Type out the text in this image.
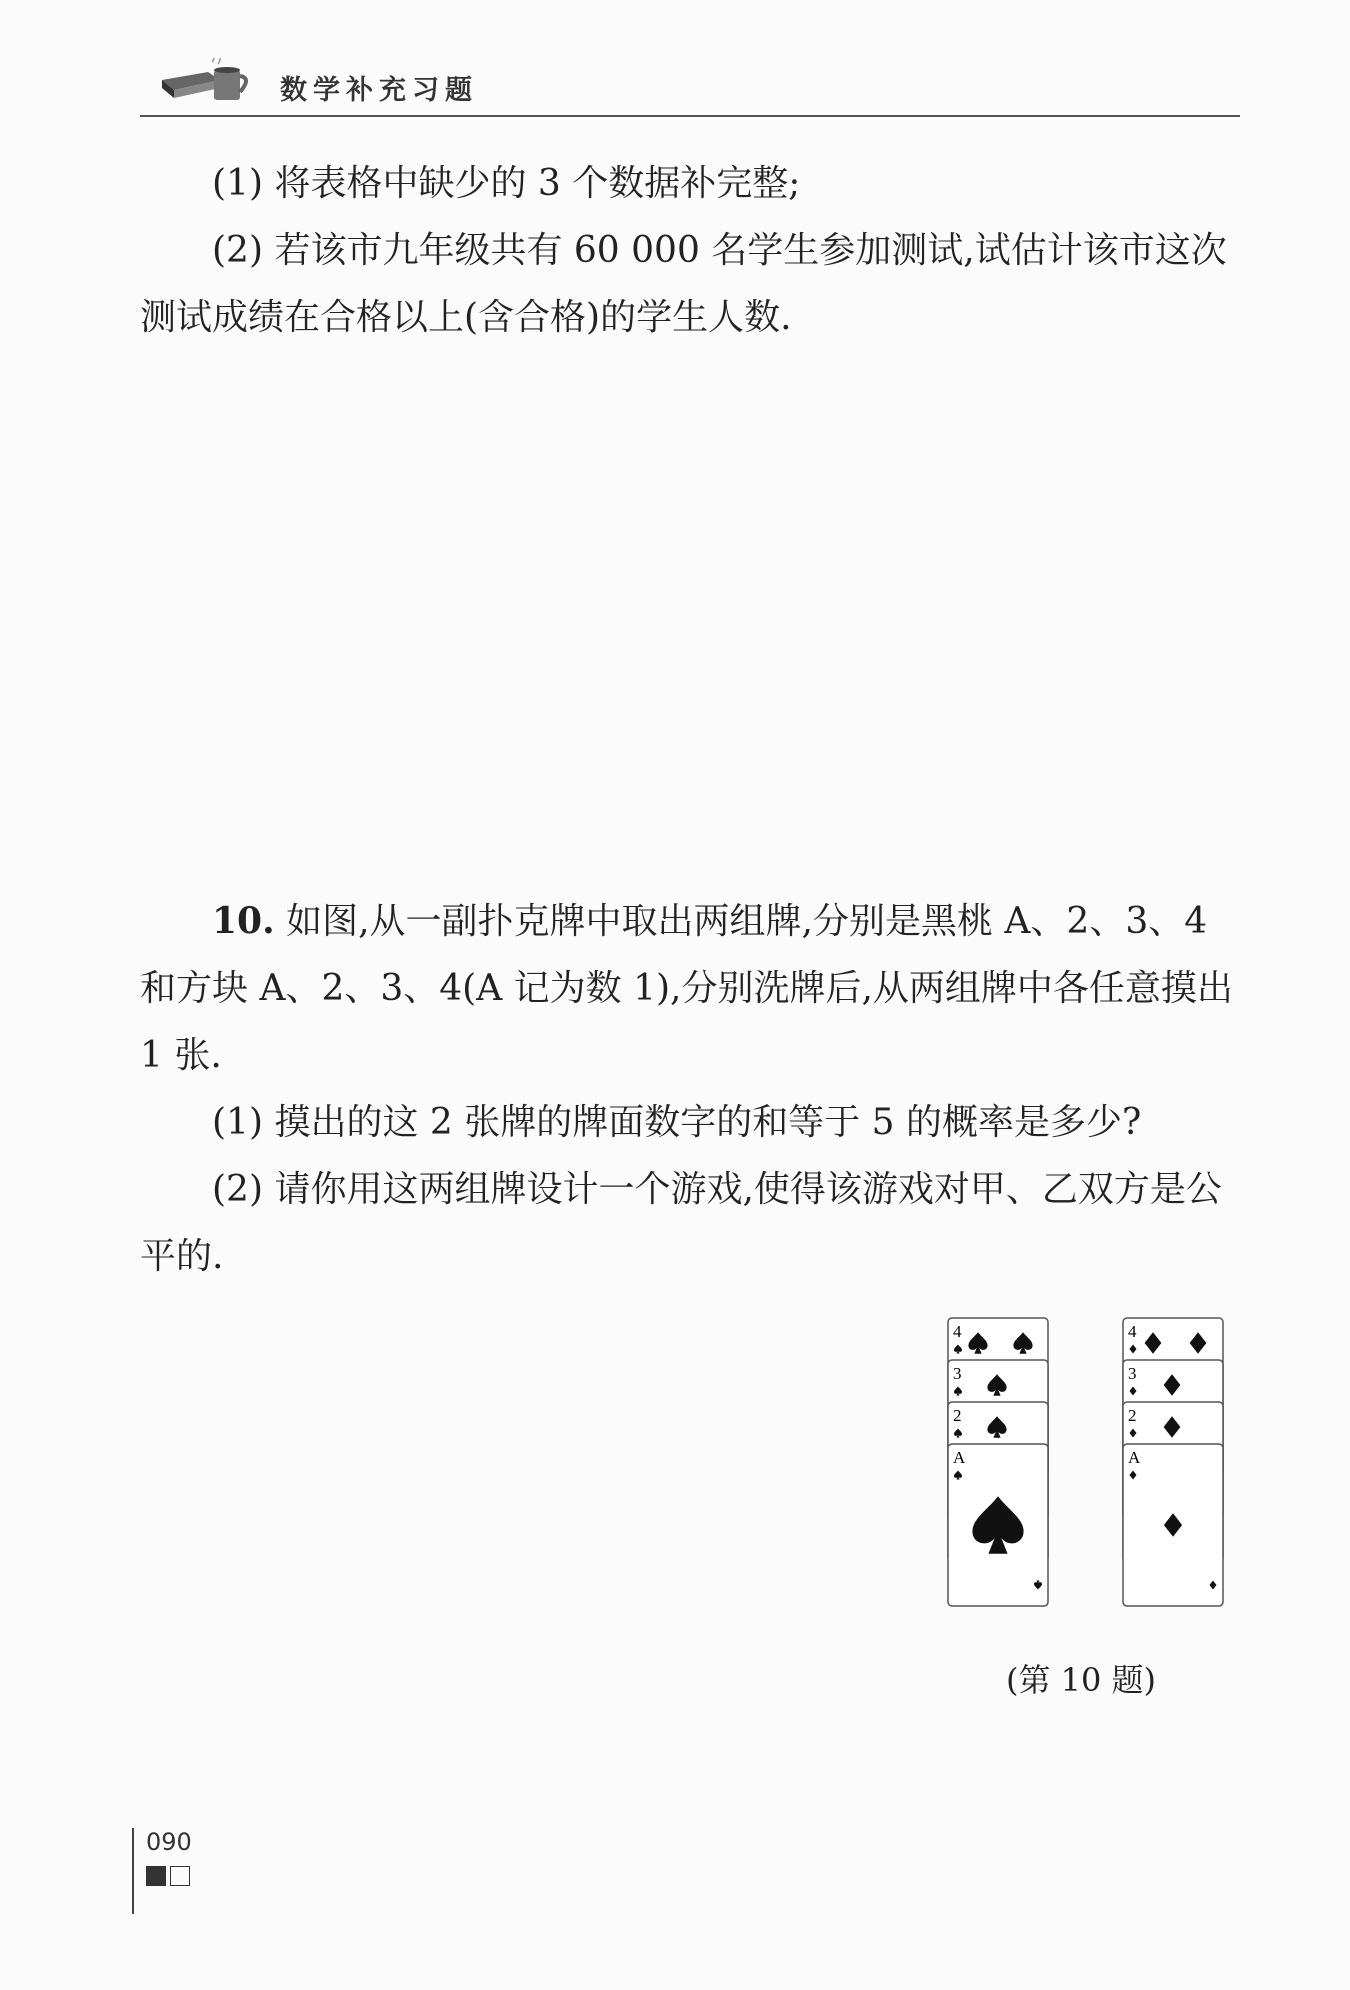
数学补充习题

(1) 将表格中缺少的 3 个数据补完整;

(2) 若该市九年级共有 60 000 名学生参加测试,试估计该市这次测试成绩在合格以上(含合格)的学生人数.

10. 如图,从一副扑克牌中取出两组牌,分别是黑桃 A、2、3、4 和方块 A、2、3、4(A 记为数 1),分别洗牌后,从两组牌中各任意摸出 1 张.

(1) 摸出的这 2 张牌的牌面数字的和等于 5 的概率是多少?

(2) 请你用这两组牌设计一个游戏,使得该游戏对甲、乙双方是公平的.

4
3
2
A
4
3
2
A
(第 10 题)
090
